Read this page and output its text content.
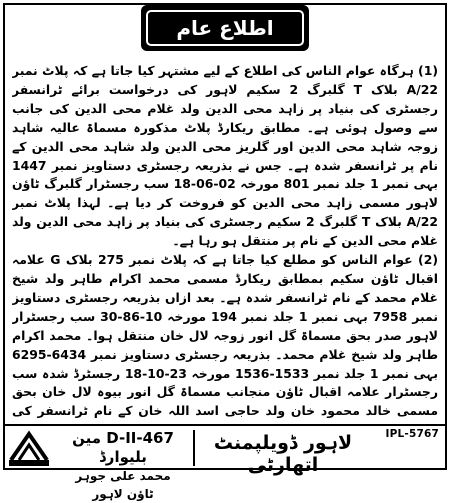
اطلاع عام

(1) ہرگاہ عوام الناس کی اطلاع کے لیے مشتہر کیا جاتا ہے کہ پلاٹ نمبر 22/A بلاک T گلبرگ 2 سکیم لاہور کی درخواست برائے ٹرانسفر رجسٹری کی بنیاد پر زاہد محی الدین ولد غلام محی الدین کی جانب سے وصول ہوئی ہے۔ مطابق ریکارڈ پلاٹ مذکورہ مسماۃ عالیہ شاہد زوجہ شاہد محی الدین اور گلریز محی الدین ولد شاہد محی الدین کے نام پر ٹرانسفر شدہ ہے۔ جس نے بذریعہ رجسٹری دستاویز نمبر 1447 بہی نمبر 1 جلد نمبر 801 مورخہ 02-06-18 سب رجسٹرار گلبرگ ٹاؤن لاہور مسمی زاہد محی الدین کو فروخت کر دیا ہے۔ لہذا پلاٹ نمبر 22/A بلاک T گلبرگ 2 سکیم رجسٹری کی بنیاد پر زاہد محی الدین ولد غلام محی الدین کے نام پر منتقل ہو رہا ہے۔

(2) عوام الناس کو مطلع کیا جاتا ہے کہ پلاٹ نمبر 275 بلاک G علامہ اقبال ٹاؤن سکیم بمطابق ریکارڈ مسمی محمد اکرام طاہر ولد شیخ غلام محمد کے نام ٹرانسفر شدہ ہے۔ بعد ازاں بذریعہ رجسٹری دستاویز نمبر 7958 بہی نمبر 1 جلد نمبر 194 مورخہ 10-86-30 سب رجسٹرار لاہور صدر بحق مسماۃ گل انور زوجہ لال خان منتقل ہوا۔ محمد اکرام طاہر ولد شیخ غلام محمد۔ بذریعہ رجسٹری دستاویز نمبر 6434-6295 بہی نمبر 1 جلد نمبر 1533-1536 مورخہ 23-10-18 رجسٹرڈ شدہ سب رجسٹرار علامہ اقبال ٹاؤن منجانب مسماۃ گل انور بیوہ لال خان بحق مسمی خالد محمود خان ولد حاجی اسد اللہ خان کے نام ٹرانسفر کی

467-D-II مین بلیوارڈ
محمد علی جوہر ٹاؤن لاہور
لاہور ڈویلپمنٹ اتھارٹی
IPL-5767
